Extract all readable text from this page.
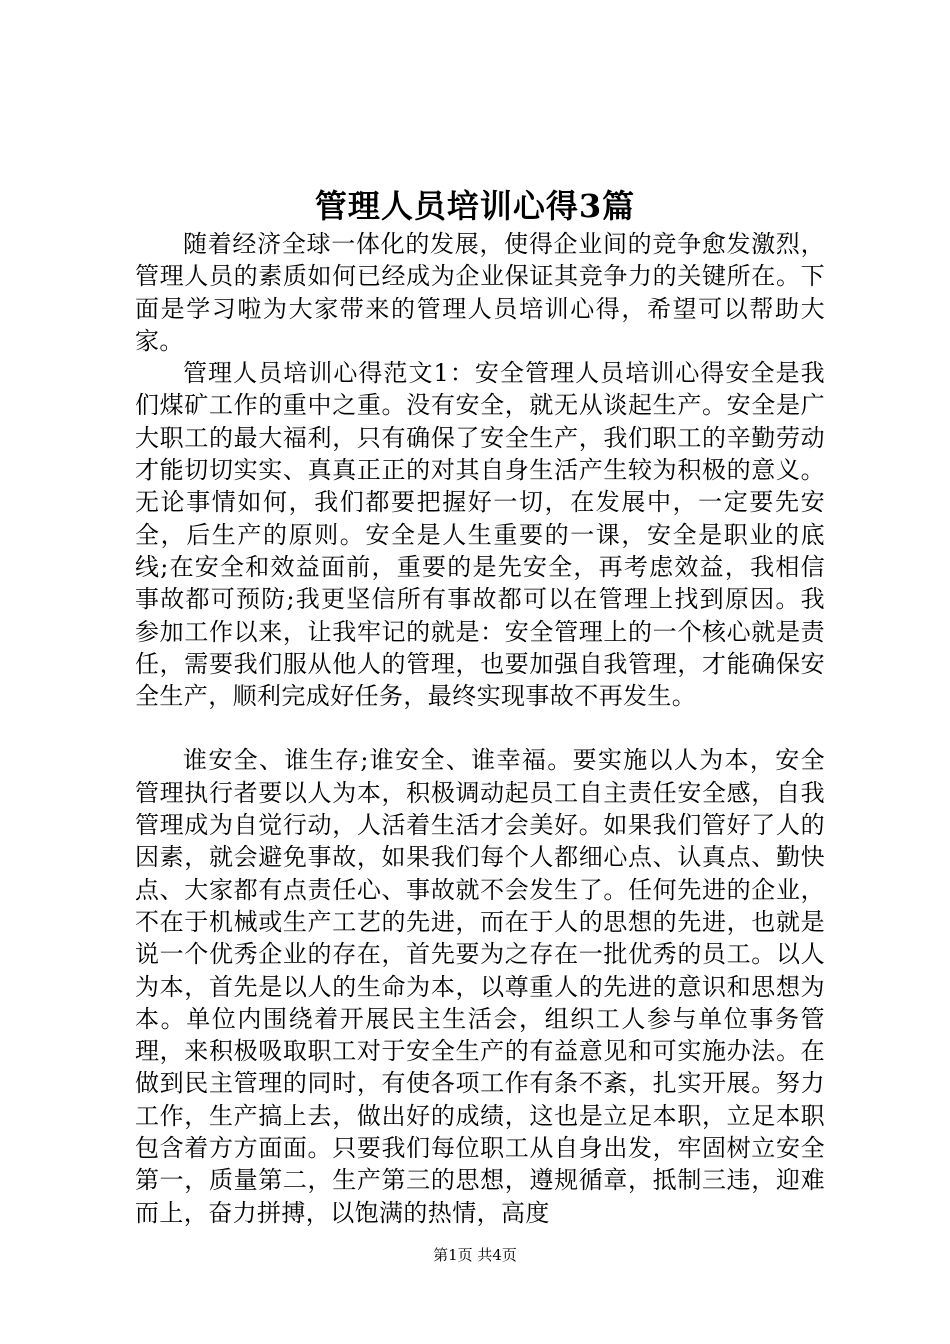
管理人员培训心得3篇

随着经济全球一体化的发展，使得企业间的竞争愈发激烈，管理人员的素质如何已经成为企业保证其竞争力的关键所在。下面是学习啦为大家带来的管理人员培训心得，希望可以帮助大家。

管理人员培训心得范文1：安全管理人员培训心得安全是我们煤矿工作的重中之重。没有安全，就无从谈起生产。安全是广大职工的最大福利，只有确保了安全生产，我们职工的辛勤劳动才能切切实实、真真正正的对其自身生活产生较为积极的意义。无论事情如何，我们都要把握好一切，在发展中，一定要先安全，后生产的原则。安全是人生重要的一课，安全是职业的底线;在安全和效益面前，重要的是先安全，再考虑效益，我相信事故都可预防;我更坚信所有事故都可以在管理上找到原因。我参加工作以来，让我牢记的就是：安全管理上的一个核心就是责任，需要我们服从他人的管理，也要加强自我管理，才能确保安全生产，顺利完成好任务，最终实现事故不再发生。

谁安全、谁生存;谁安全、谁幸福。要实施以人为本，安全管理执行者要以人为本，积极调动起员工自主责任安全感，自我管理成为自觉行动，人活着生活才会美好。如果我们管好了人的因素，就会避免事故，如果我们每个人都细心点、认真点、勤快点、大家都有点责任心、事故就不会发生了。任何先进的企业，不在于机械或生产工艺的先进，而在于人的思想的先进，也就是说一个优秀企业的存在，首先要为之存在一批优秀的员工。以人为本，首先是以人的生命为本，以尊重人的先进的意识和思想为本。单位内围绕着开展民主生活会，组织工人参与单位事务管理，来积极吸取职工对于安全生产的有益意见和可实施办法。在做到民主管理的同时，有使各项工作有条不紊，扎实开展。努力工作，生产搞上去，做出好的成绩，这也是立足本职，立足本职包含着方方面面。只要我们每位职工从自身出发，牢固树立安全第一，质量第二，生产第三的思想，遵规循章，抵制三违，迎难而上，奋力拼搏，以饱满的热情，高度

第1页 共4页
